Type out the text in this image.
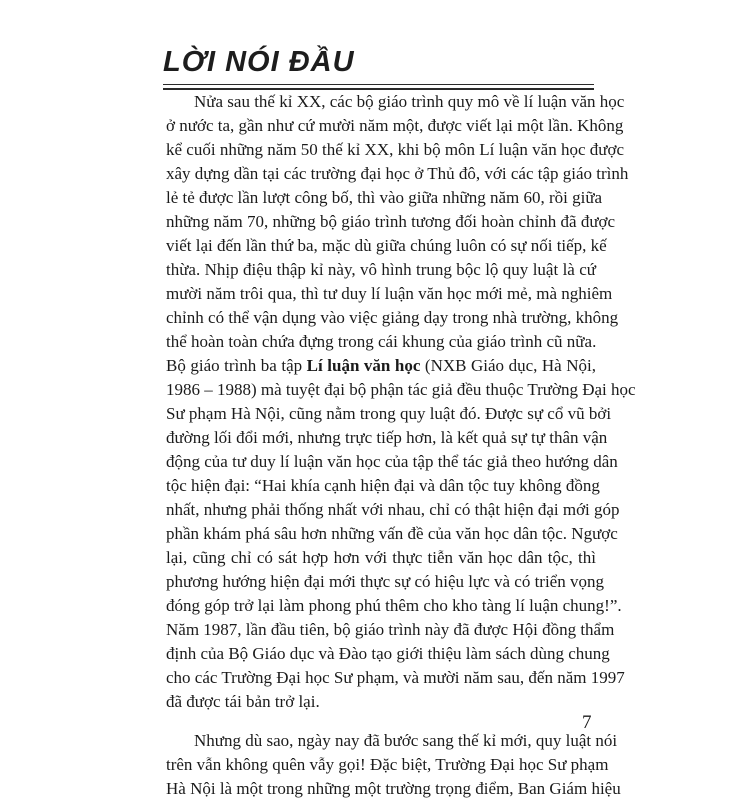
LỜI NÓI ĐẦU
Nửa sau thế kỉ XX, các bộ giáo trình quy mô về lí luận văn học
ở nước ta, gần như cứ mười năm một, được viết lại một lần. Không
kể cuối những năm 50 thế kỉ XX, khi bộ môn Lí luận văn học được
xây dựng dần tại các trường đại học ở Thủ đô, với các tập giáo trình
lẻ tẻ được lần lượt công bố, thì vào giữa những năm 60, rồi giữa
những năm 70, những bộ giáo trình tương đối hoàn chỉnh đã được
viết lại đến lần thứ ba, mặc dù giữa chúng luôn có sự nối tiếp, kế
thừa. Nhịp điệu thập kỉ này, vô hình trung bộc lộ quy luật là cứ
mười năm trôi qua, thì tư duy lí luận văn học mới mẻ, mà nghiêm
chỉnh có thể vận dụng vào việc giảng dạy trong nhà trường, không
thể hoàn toàn chứa đựng trong cái khung của giáo trình cũ nữa.
Bộ giáo trình ba tập Lí luận văn học (NXB Giáo dục, Hà Nội,
1986 – 1988) mà tuyệt đại bộ phận tác giả đều thuộc Trường Đại học
Sư phạm Hà Nội, cũng nằm trong quy luật đó. Được sự cổ vũ bởi
đường lối đổi mới, nhưng trực tiếp hơn, là kết quả sự tự thân vận
động của tư duy lí luận văn học của tập thể tác giả theo hướng dân
tộc hiện đại: “Hai khía cạnh hiện đại và dân tộc tuy không đồng
nhất, nhưng phải thống nhất với nhau, chỉ có thật hiện đại mới góp
phần khám phá sâu hơn những vấn đề của văn học dân tộc. Ngược
lại, cũng chỉ có sát hợp hơn với thực tiễn văn học dân tộc, thì
phương hướng hiện đại mới thực sự có hiệu lực và có triển vọng
đóng góp trở lại làm phong phú thêm cho kho tàng lí luận chung!”.
Năm 1987, lần đầu tiên, bộ giáo trình này đã được Hội đồng thẩm
định của Bộ Giáo dục và Đào tạo giới thiệu làm sách dùng chung
cho các Trường Đại học Sư phạm, và mười năm sau, đến năm 1997
đã được tái bản trở lại.
Nhưng dù sao, ngày nay đã bước sang thế kỉ mới, quy luật nói
trên vẫn không quên vẫy gọi! Đặc biệt, Trường Đại học Sư phạm
Hà Nội là một trong những một trường trọng điểm, Ban Giám hiệu
7
